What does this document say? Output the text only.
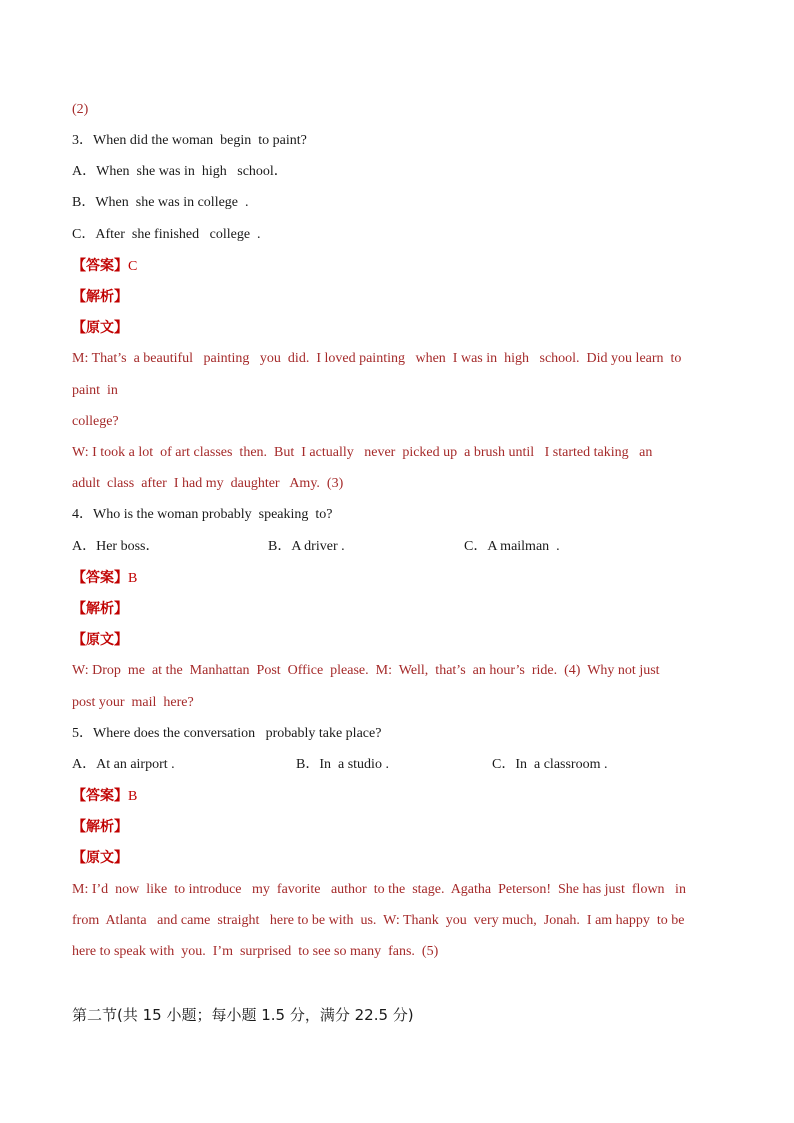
(2)
3．When did the woman  begin  to paint?
A．When  she was in  high   school．
B．When  she was in college  .
C．After  she finished   college  .
【答案】C
【解析】
【原文】
M: That’s  a beautiful   painting   you  did.  I loved painting   when  I was in  high   school.  Did you learn  to
paint  in
college?
W: I took a lot  of art classes  then.  But  I actually   never  picked up  a brush until   I started taking   an
adult  class  after  I had my  daughter   Amy.  (3)
4．Who is the woman probably  speaking  to?
A．Her boss．	B．A driver .	C．A mailman  .
【答案】B
【解析】
【原文】
W: Drop  me  at the  Manhattan  Post  Office  please.  M:  Well,  that’s  an hour’s  ride.  (4)  Why not just
post your  mail  here?
5．Where does the conversation   probably take place?
A．At an airport .	B．In  a studio .	C．In  a classroom .
【答案】B
【解析】
【原文】
M: I’d  now  like  to introduce   my  favorite   author  to the  stage.  Agatha  Peterson!  She has just  flown   in
from  Atlanta   and came  straight   here to be with  us.  W: Thank  you  very much,  Jonah.  I am happy  to be
here to speak with  you.  I’m  surprised  to see so many  fans.  (5)
第二节(共 15 小题；每小题 1.5 分，满分 22.5 分)
